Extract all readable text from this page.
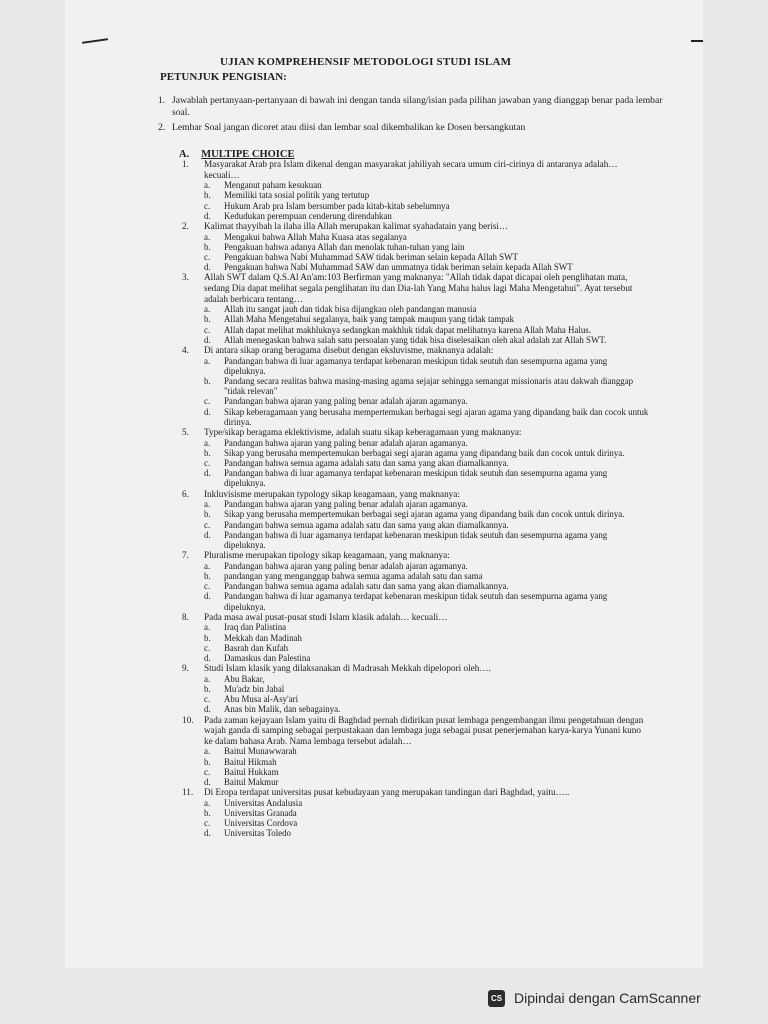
UJIAN KOMPREHENSIF METODOLOGI STUDI ISLAM
PETUNJUK PENGISIAN:
1. Jawablah pertanyaan-pertanyaan di bawah ini dengan tanda silang/isian pada pilihan jawaban yang dianggap benar pada lembar soal.
2. Lembar Soal jangan dicoret atau diisi dan lembar soal dikembalikan ke Dosen bersangkutan
A. MULTIPE CHOICE
1. Masyarakat Arab pra Islam dikenal dengan masyarakat jahiliyah secara umum ciri-cirinya di antaranya adalah… kecuali…
a. Menganut paham kesukuan
b. Memiliki tata sosial politik yang tertutup
c. Hukum Arab pra Islam bersumber pada kitab-kitab sebelumnya
d. Kedudukan perempuan cenderung direndahkan
2. Kalimat thayyibah la ilaha illa Allah merupakan kalimat syahadatain yang berisi…
a. Mengakui bahwa Allah Maha Kuasa atas segalanya
b. Pengakuan bahwa adanya Allah dan menolak tuhan-tuhan yang lain
c. Pengakuan bahwa Nabi Muhammad SAW tidak beriman selain kepada Allah SWT
d. Pengakuan bahwa Nabi Muhammad SAW dan ummatnya tidak beriman selain kepada Allah SWT
3. Allah SWT dalam Q.S.Al An'am:103 Berfirman yang maknanya: "Allah tidak dapat dicapai oleh penglihatan mata, sedang Dia dapat melihat segala penglihatan itu dan Dia-lah Yang Maha halus lagi Maha Mengetahui". Ayat tersebut adalah berbicara tentang…
a. Allah itu sangat jauh dan tidak bisa dijangkau oleh pandangan manusia
b. Allah Maha Mengetahui segalanya, baik yang tampak maupun yang tidak tampak
c. Allah dapat melihat makhluknya sedangkan makhluk tidak dapat melihatnya karena Allah Maha Halus.
d. Allah menegaskan bahwa salah satu persoalan yang tidak bisa diselesaikan oleh akal adalah zat Allah SWT.
4. Di antara sikap orang beragama disebut dengan eksluvisme, maknanya adalah:
a. Pandangan bahwa di luar agamanya terdapat kebenaran meskipun tidak seutuh dan sesempurna agama yang dipeluknya.
b. Pandang secara realitas bahwa masing-masing agama sejajar sehingga semangat missionaris atau dakwah dianggap "tidak relevan"
c. Pandangan bahwa ajaran yang paling benar adalah ajaran agamanya.
d. Sikap keberagamaan yang berusaha mempertemukan berbagai segi ajaran agama yang dipandang baik dan cocok untuk dirinya.
5. Type/sikap beragama eklektivisme, adalah suatu sikap keberagamaan yang maknanya:
a. Pandangan bahwa ajaran yang paling benar adalah ajaran agamanya.
b. Sikap yang berusaha mempertemukan berbagai segi ajaran agama yang dipandang baik dan cocok untuk dirinya.
c. Pandangan bahwa semua agama adalah satu dan sama yang akan diamalkannya.
d. Pandangan bahwa di luar agamanya terdapat kebenaran meskipun tidak seutuh dan sesempurna agama yang dipeluknya.
6. Inkluvisisme merupakan typology sikap keagamaan, yang maknanya:
a. Pandangan bahwa ajaran yang paling benar adalah ajaran agamanya.
b. Sikap yang berusaha mempertemukan berbagai segi ajaran agama yang dipandang baik dan cocok untuk dirinya.
c. Pandangan bahwa semua agama adalah satu dan sama yang akan diamalkannya.
d. Pandangan bahwa di luar agamanya terdapat kebenaran meskipun tidak seutuh dan sesempurna agama yang dipeluknya.
7. Pluralisme merupakan tipology sikap keagamaan, yang maknanya:
a. Pandangan bahwa ajaran yang paling benar adalah ajaran agamanya.
b. pandangan yang menganggap bahwa semua agama adalah satu dan sama
c. Pandangan bahwa semua agama adalah satu dan sama yang akan diamalkannya.
d. Pandangan bahwa di luar agamanya terdapat kebenaran meskipun tidak seutuh dan sesempurna agama yang dipeluknya.
8. Pada masa awal pusat-pusat studi Islam klasik adalah… kecuali…
a. Iraq dan Palistina
b. Mekkah dan Madinah
c. Basrah dan Kufah
d. Damaskus dan Palestina
9. Studi Islam klasik yang dilaksanakan di Madrasah Mekkah dipelopori oleh….
a. Abu Bakar,
b. Mu'adz bin Jabal
c. Abu Musa al-Asy'ari
d. Anas bin Malik, dan sebagainya.
10. Pada zaman kejayaan Islam yaitu di Baghdad pernah didirikan pusat lembaga pengembangan ilmu pengetahuan dengan wajah ganda di samping sebagai perpustakaan dan lembaga juga sebagai pusat penerjemahan karya-karya Yunani kuno ke dalam bahasa Arab. Nama lembaga tersebut adalah…
a. Baitul Munawwarah
b. Baitul Hikmah
c. Baitul Hukkam
d. Baitul Makmur
11. Di Eropa terdapat universitas pusat kebudayaan yang merupakan tandingan dari Baghdad, yaitu…..
a. Universitas Andalusia
b. Universitas Granada
c. Universitas Cordova
d. Universitas Toledo
CS Dipindai dengan CamScanner
